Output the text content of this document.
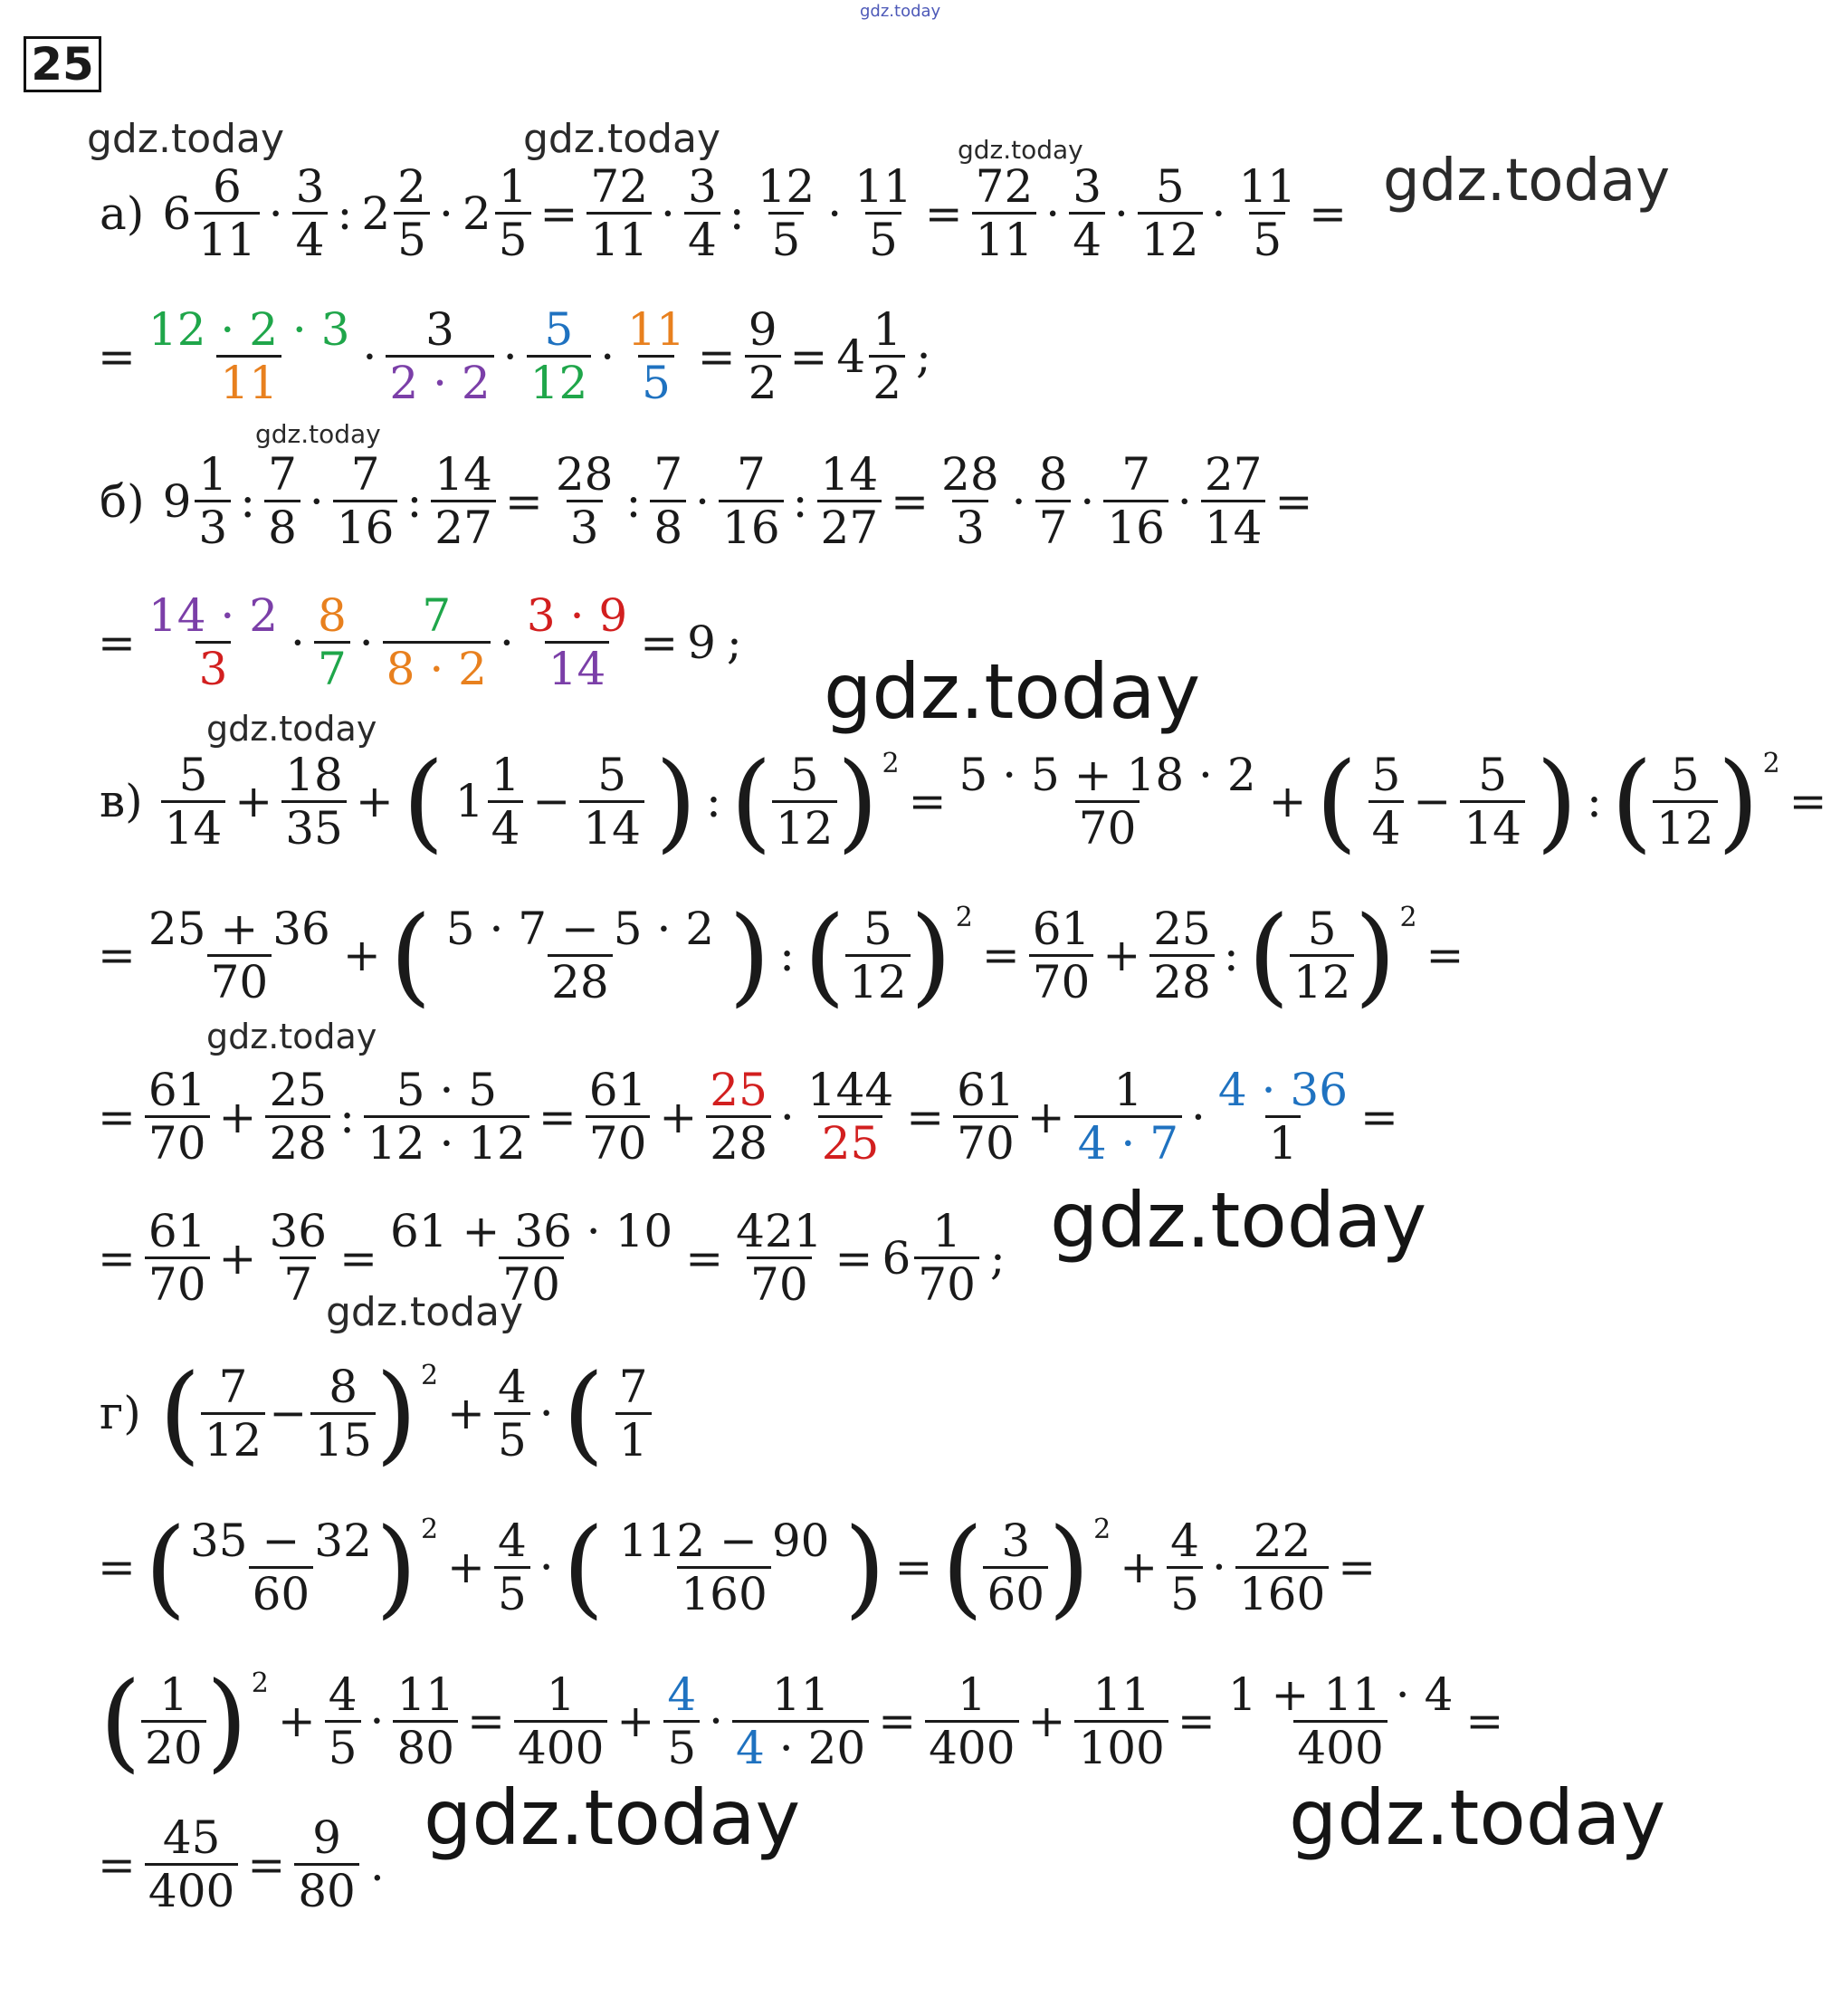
25
gdz.today
gdz.today
gdz.today	gdz.today
gdz.today
gdz.today
gdz.today
gdz.today
gdz.today
gdz.today
gdz.today
gdz.today	gdz.today
а) $6 \frac{6}{11} \cdot \frac{3}{4}$ : $2 \frac{2}{5} \cdot 2 \frac{1}{5} = \frac{72}{11} \cdot \frac{3}{4}$ : $\frac{12}{5} \cdot \frac{11}{5} = \frac{72}{11} \cdot \frac{3}{4} \cdot \frac{5}{12} \cdot \frac{11}{5}$ =
= $\frac{12 \cdot 2 \cdot 3}{11} \cdot \frac{3}{2 \cdot 2} \cdot \frac{5}{12} \cdot \frac{11}{5} = \frac{9}{2} = 4 \frac{1}{2}$ ;
б) $9 \frac{1}{3}$ : $\frac{7}{8} \cdot \frac{7}{16}$ : $\frac{14}{27} = \frac{28}{3}$ : $\frac{7}{8} \cdot \frac{7}{16}$ : $\frac{14}{27} = \frac{28}{3} \cdot \frac{8}{7} \cdot \frac{7}{16} \cdot \frac{27}{14}$ =
= $\frac{14 \cdot 2}{3} \cdot \frac{8}{7} \cdot \frac{7}{8 \cdot 2} \cdot \frac{3 \cdot 9}{14} = 9$ ;
$в) \frac{5}{14} + \frac{18}{35}$ + ( $1 \frac{1}{4} - \frac{5}{14}$ ) : ( $\frac{5}{12}$ ) 2
= $\frac{5 \cdot 5 + 18 \cdot 2}{70}$ + ( $\frac{5}{4} - \frac{5}{14}$ ) : ( $\frac{5}{12}$ ) 2
=
= $\frac{25 + 36}{70}$ + ( $\frac{5 \cdot 7 - 5 \cdot 2}{28}$ ) : ( $\frac{5}{12}$ ) 2
= $\frac{61}{70} + \frac{25}{28}$ : ( $\frac{5}{12}$ ) 2
=
= $\frac{61}{70} + \frac{25}{28}$ : $\frac{5 \cdot 5}{12 \cdot 12} = \frac{61}{70} + \frac{25}{28} \cdot \frac{144}{25} = \frac{61}{70} + \frac{1}{4 \cdot 7} \cdot \frac{4 \cdot 36}{1}$ =
= $\frac{61}{70} + \frac{36}{7} = \frac{61 + 36 \cdot 10}{70} = \frac{421}{70} = 6 \frac{1}{70}$ ;
г) ( $\frac{7}{12} - \frac{8}{15}$ ) 2
+ $\frac{4}{5}$ · ( $\frac{7}{1}$
= ( $\frac{35 - 32}{60}$ ) 2
+ $\frac{4}{5}$ · ( $\frac{112 - 90}{160}$ ) = ( $\frac{3}{60}$ ) 2
+ $\frac{4}{5} \cdot \frac{22}{160}$ =
( $\frac{1}{20}$ ) 2
+ $\frac{4}{5} \cdot \frac{11}{80} = \frac{1}{400} + \frac{4}{5} \cdot \frac{11}{4 \cdot 20} = \frac{1}{400} + \frac{11}{100} = \frac{1 + 11 \cdot 4}{400}$ =
= $\frac{45}{400} = \frac{9}{80}$ .
